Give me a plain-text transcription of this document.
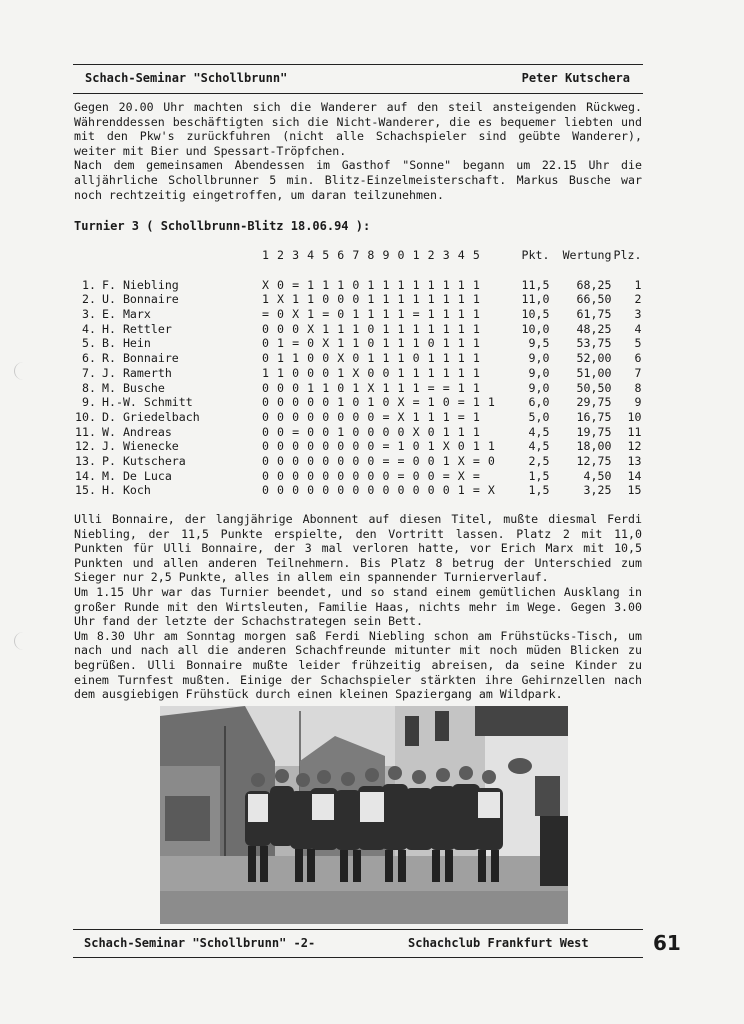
Schach-Seminar "Schollbrunn"	Peter Kutschera

Gegen 20.00 Uhr machten sich die Wanderer auf den steil ansteigenden Rückweg. Währenddessen beschäftigten sich die Nicht-Wanderer, die es bequemer liebten und mit den Pkw's zurückfuhren (nicht alle Schachspieler sind geübte Wanderer), weiter mit Bier und Spessart-Tröpfchen.

Nach dem gemeinsamen Abendessen im Gasthof "Sonne" begann um 22.15 Uhr die alljährliche Schollbrunner 5 min. Blitz-Einzelmeisterschaft. Markus Busche war noch rechtzeitig eingetroffen, um daran teilzunehmen.

Turnier 3 ( Schollbrunn-Blitz 18.06.94 ):
		1 2 3 4 5 6 7 8 9 0 1 2 3 4 5	Pkt.	Wertung	Plz.

1.	F. Niebling	X 0 = 1 1 1 0 1 1 1 1 1 1 1 1	11,5	68,25	1
2.	U. Bonnaire	1 X 1 1 0 0 0 1 1 1 1 1 1 1 1	11,0	66,50	2
3.	E. Marx	= 0 X 1 = 0 1 1 1 1 = 1 1 1 1	10,5	61,75	3
4.	H. Rettler	0 0 0 X 1 1 1 0 1 1 1 1 1 1 1	10,0	48,25	4
5.	B. Hein	0 1 = 0 X 1 1 0 1 1 1 0 1 1 1	9,5	53,75	5
6.	R. Bonnaire	0 1 1 0 0 X 0 1 1 1 0 1 1 1 1	9,0	52,00	6
7.	J. Ramerth	1 1 0 0 0 1 X 0 0 1 1 1 1 1 1	9,0	51,00	7
8.	M. Busche	0 0 0 1 1 0 1 X 1 1 1 = = 1 1	9,0	50,50	8
9.	H.-W. Schmitt	0 0 0 0 0 1 0 1 0 X = 1 0 = 1 1	6,0	29,75	9
10.	D. Griedelbach	0 0 0 0 0 0 0 0 = X 1 1 1 = 1	5,0	16,75	10
11.	W. Andreas	0 0 = 0 0 1 0 0 0 0 X 0 1 1 1	4,5	19,75	11
12.	J. Wienecke	0 0 0 0 0 0 0 0 = 1 0 1 X 0 1 1	4,5	18,00	12
13.	P. Kutschera	0 0 0 0 0 0 0 0 = = 0 0 1 X = 0	2,5	12,75	13
14.	M. De Luca	0 0 0 0 0 0 0 0 0 = 0 0 = X =	1,5	4,50	14
15.	H. Koch	0 0 0 0 0 0 0 0 0 0 0 0 0 1 = X	1,5	3,25	15

Ulli Bonnaire, der langjährige Abonnent auf diesen Titel, mußte diesmal Ferdi Niebling, der 11,5 Punkte erspielte, den Vortritt lassen. Platz 2 mit 11,0 Punkten für Ulli Bonnaire, der 3 mal verloren hatte, vor Erich Marx mit 10,5 Punkten und allen anderen Teilnehmern. Bis Platz 8 betrug der Unterschied zum Sieger nur 2,5 Punkte, alles in allem ein spannender Turnierverlauf.

Um 1.15 Uhr war das Turnier beendet, und so stand einem gemütlichen Ausklang in großer Runde mit den Wirtsleuten, Familie Haas, nichts mehr im Wege. Gegen 3.00 Uhr fand der letzte der Schachstrategen sein Bett.

Um 8.30 Uhr am Sonntag morgen saß Ferdi Niebling schon am Frühstücks-Tisch, um nach und nach all die anderen Schachfreunde mitunter mit noch müden Blicken zu begrüßen. Ulli Bonnaire mußte leider frühzeitig abreisen, da seine Kinder zu einem Turnfest mußten. Einige der Schachspieler stärkten ihre Gehirnzellen nach dem ausgiebigen Frühstück durch einen kleinen Spaziergang am Wildpark.

Schach-Seminar "Schollbrunn" -2-	Schachclub Frankfurt West	61
